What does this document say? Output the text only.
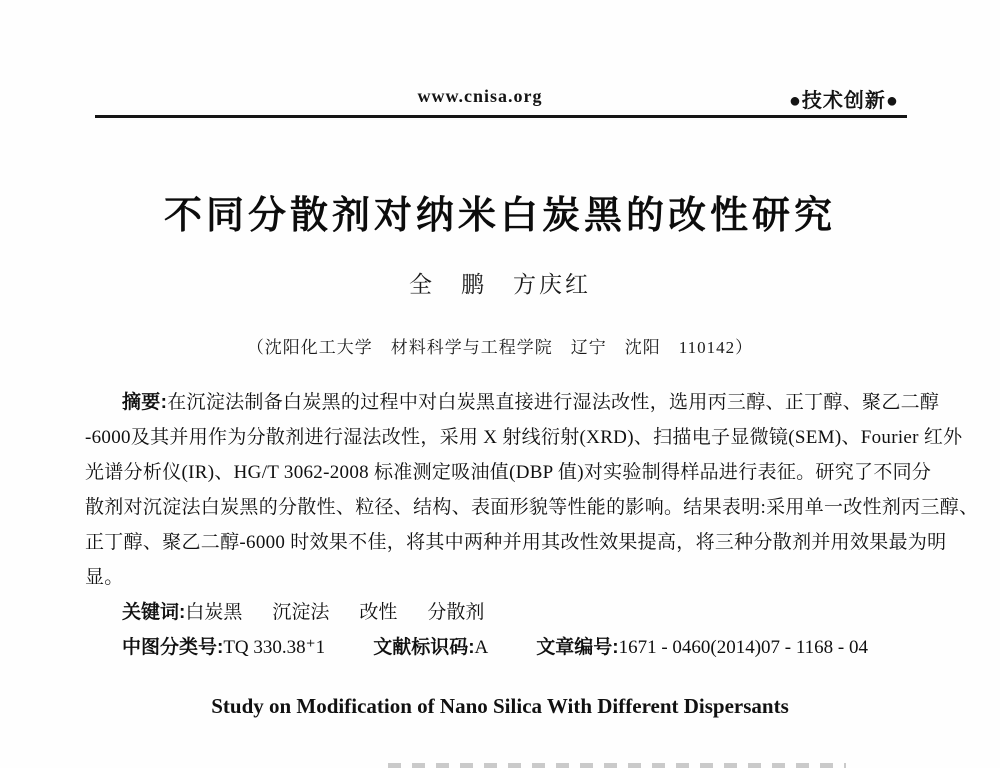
www.cnisa.org	●技术创新●
不同分散剂对纳米白炭黑的改性研究
全　鹏　方庆红
（沈阳化工大学　材料科学与工程学院　辽宁　沈阳　110142）
摘要:在沉淀法制备白炭黑的过程中对白炭黑直接进行湿法改性，选用丙三醇、正丁醇、聚乙二醇
-6000及其并用作为分散剂进行湿法改性，采用 X 射线衍射(XRD)、扫描电子显微镜(SEM)、Fourier 红外
光谱分析仪(IR)、HG/T 3062-2008 标准测定吸油值(DBP 值)对实验制得样品进行表征。研究了不同分
散剂对沉淀法白炭黑的分散性、粒径、结构、表面形貌等性能的影响。结果表明:采用单一改性剂丙三醇、
正丁醇、聚乙二醇-6000 时效果不佳，将其中两种并用其改性效果提高，将三种分散剂并用效果最为明
显。
关键词:白炭黑 沉淀法 改性 分散剂
中图分类号:TQ 330.38⁺1	文献标识码:A	文章编号:1671 - 0460(2014)07 - 1168 - 04
Study on Modification of Nano Silica With Different Dispersants
